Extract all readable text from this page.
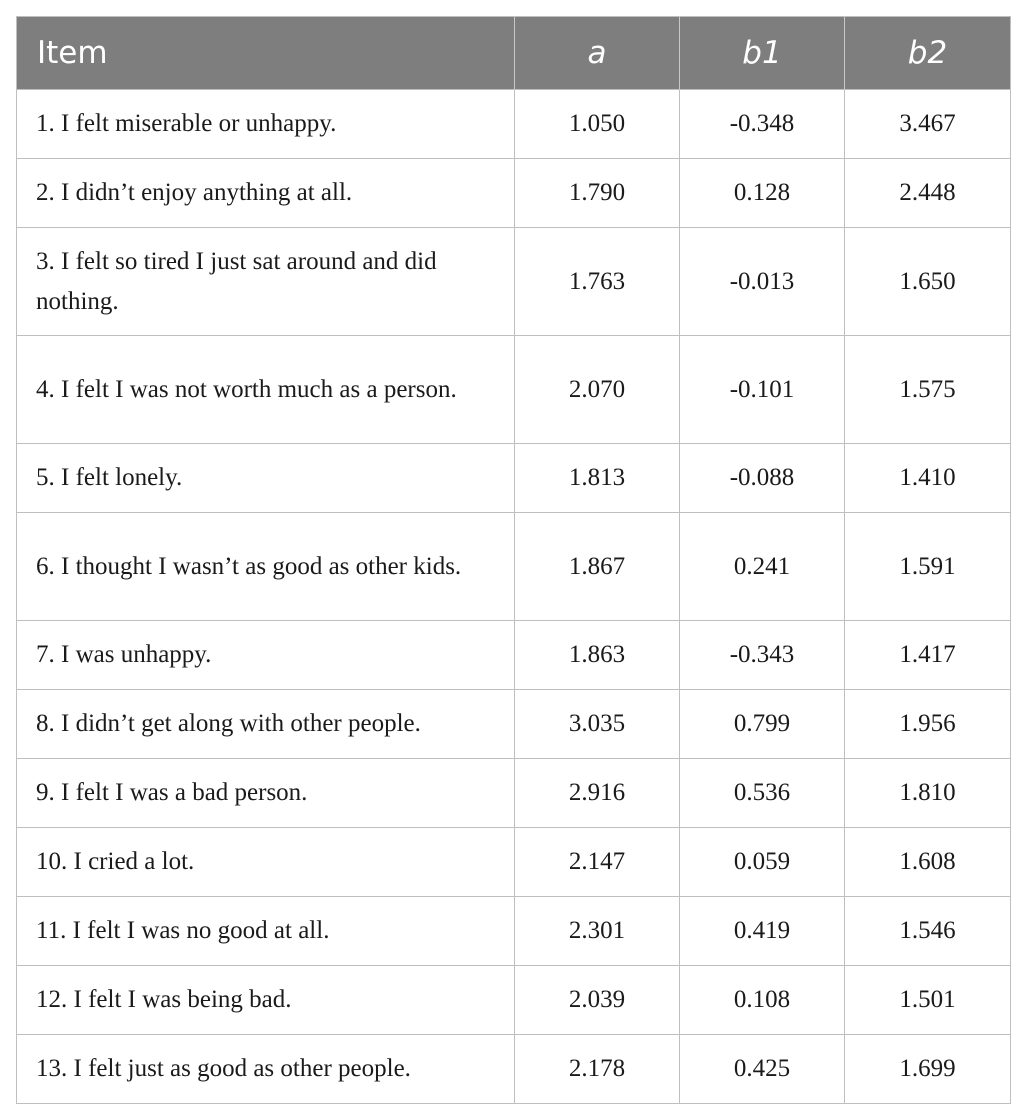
Item	a	b1	b2
1. I felt miserable or unhappy.	1.050	-0.348	3.467
2. I didn’t enjoy anything at all.	1.790	0.128	2.448
3. I felt so tired I just sat around and did nothing.	1.763	-0.013	1.650
4. I felt I was not worth much as a person.	2.070	-0.101	1.575
5. I felt lonely.	1.813	-0.088	1.410
6. I thought I wasn’t as good as other kids.	1.867	0.241	1.591
7. I was unhappy.	1.863	-0.343	1.417
8. I didn’t get along with other people.	3.035	0.799	1.956
9. I felt I was a bad person.	2.916	0.536	1.810
10. I cried a lot.	2.147	0.059	1.608
11. I felt I was no good at all.	2.301	0.419	1.546
12. I felt I was being bad.	2.039	0.108	1.501
13. I felt just as good as other people.	2.178	0.425	1.699
